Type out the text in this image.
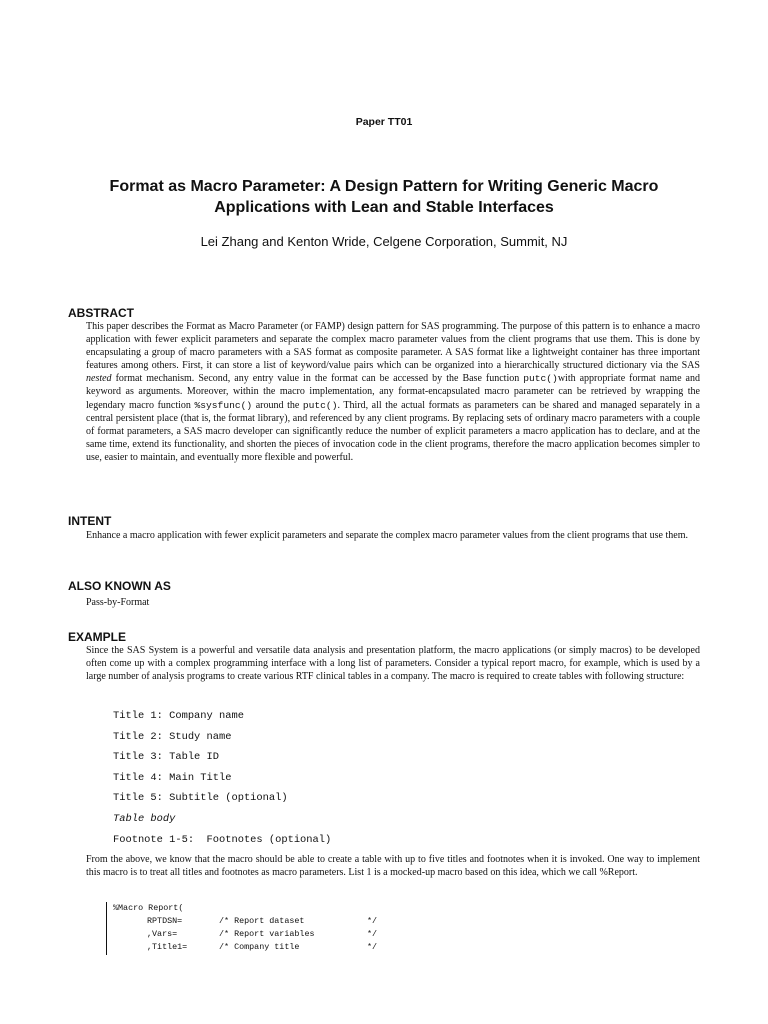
Paper TT01
Format as Macro Parameter: A Design Pattern for Writing Generic Macro
Applications with Lean and Stable Interfaces
Lei Zhang and Kenton Wride, Celgene Corporation, Summit, NJ
ABSTRACT

This paper describes the Format as Macro Parameter (or FAMP) design pattern for SAS programming. The purpose of this pattern is to enhance a macro application with fewer explicit parameters and separate the complex macro parameter values from the client programs that use them. This is done by encapsulating a group of macro parameters with a SAS format as composite parameter. A SAS format like a lightweight container has three important features among others. First, it can store a list of keyword/value pairs which can be organized into a hierarchically structured dictionary via the SAS nested format mechanism. Second, any entry value in the format can be accessed by the Base function putc()with appropriate format name and keyword as arguments. Moreover, within the macro implementation, any format-encapsulated macro parameter can be retrieved by wrapping the legendary macro function %sysfunc() around the putc(). Third, all the actual formats as parameters can be shared and managed separately in a central persistent place (that is, the format library), and referenced by any client programs. By replacing sets of ordinary macro parameters with a couple of format parameters, a SAS macro developer can significantly reduce the number of explicit parameters a macro application has to declare, and at the same time, extend its functionality, and shorten the pieces of invocation code in the client programs, therefore the macro application becomes simpler to use, easier to maintain, and eventually more flexible and powerful.

INTENT

Enhance a macro application with fewer explicit parameters and separate the complex macro parameter values from the client programs that use them.

ALSO KNOWN AS

Pass-by-Format

EXAMPLE

Since the SAS System is a powerful and versatile data analysis and presentation platform, the macro applications (or simply macros) to be developed often come up with a complex programming interface with a long list of parameters. Consider a typical report macro, for example, which is used by a large number of analysis programs to create various RTF clinical tables in a company. The macro is required to create tables with following structure:

Title 1: Company name
Title 2: Study name
Title 3: Table ID
Title 4: Main Title
Title 5: Subtitle (optional)
Table body
Footnote 1-5:  Footnotes (optional)

From the above, we know that the macro should be able to create a table with up to five titles and footnotes when it is invoked. One way to implement this macro is to treat all titles and footnotes as macro parameters. List 1 is a mocked-up macro based on this idea, which we call %Report.

%Macro Report(
RPTDSN=	/* Report dataset	*/
,Vars=	/* Report variables	*/
,Title1=	/* Company title	*/
